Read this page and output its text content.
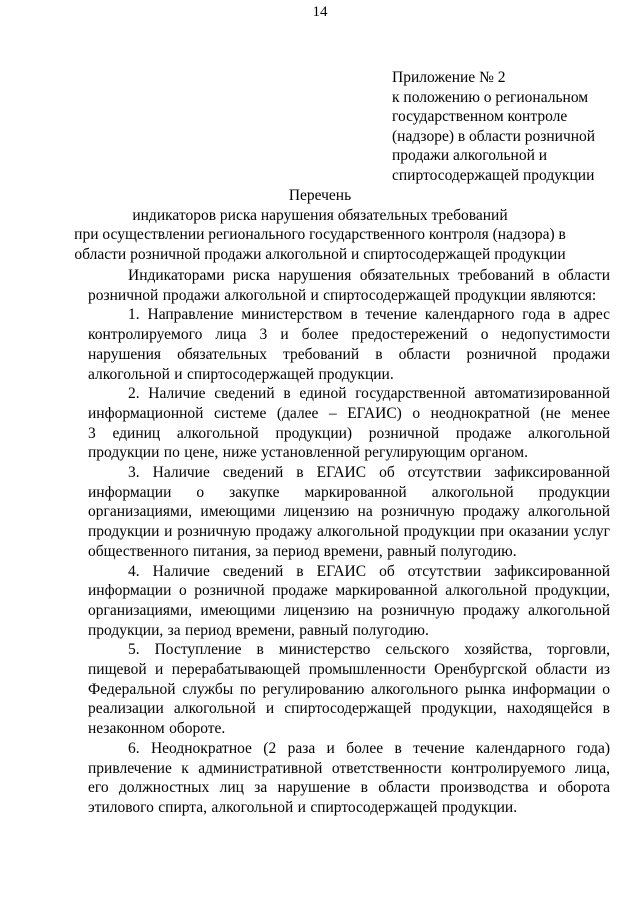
14
Приложение № 2
к положению о региональном
государственном контроле
(надзоре) в области розничной
продажи алкогольной и
спиртосодержащей продукции
Перечень
индикаторов риска нарушения обязательных требований
при осуществлении регионального государственного контроля (надзора) в
области розничной продажи алкогольной и спиртосодержащей продукции

Индикаторами риска нарушения обязательных требований в области
розничной продажи алкогольной и спиртосодержащей продукции являются:

1. Направление министерством в течение календарного года в адрес
контролируемого лица 3 и более предостережений о недопустимости
нарушения обязательных требований в области розничной продажи
алкогольной и спиртосодержащей продукции.

2. Наличие сведений в единой государственной автоматизированной
информационной системе (далее – ЕГАИС) о неоднократной (не менее
3 единиц алкогольной продукции) розничной продаже алкогольной
продукции по цене, ниже установленной регулирующим органом.

3. Наличие сведений в ЕГАИС об отсутствии зафиксированной
информации о закупке маркированной алкогольной продукции
организациями, имеющими лицензию на розничную продажу алкогольной
продукции и розничную продажу алкогольной продукции при оказании услуг
общественного питания, за период времени, равный полугодию.

4. Наличие сведений в ЕГАИС об отсутствии зафиксированной
информации о розничной продаже маркированной алкогольной продукции,
организациями, имеющими лицензию на розничную продажу алкогольной
продукции, за период времени, равный полугодию.

5. Поступление в министерство сельского хозяйства, торговли,
пищевой и перерабатывающей промышленности Оренбургской области из
Федеральной службы по регулированию алкогольного рынка информации о
реализации алкогольной и спиртосодержащей продукции, находящейся в
незаконном обороте.

6. Неоднократное (2 раза и более в течение календарного года)
привлечение к административной ответственности контролируемого лица,
его должностных лиц за нарушение в области производства и оборота
этилового спирта, алкогольной и спиртосодержащей продукции.
